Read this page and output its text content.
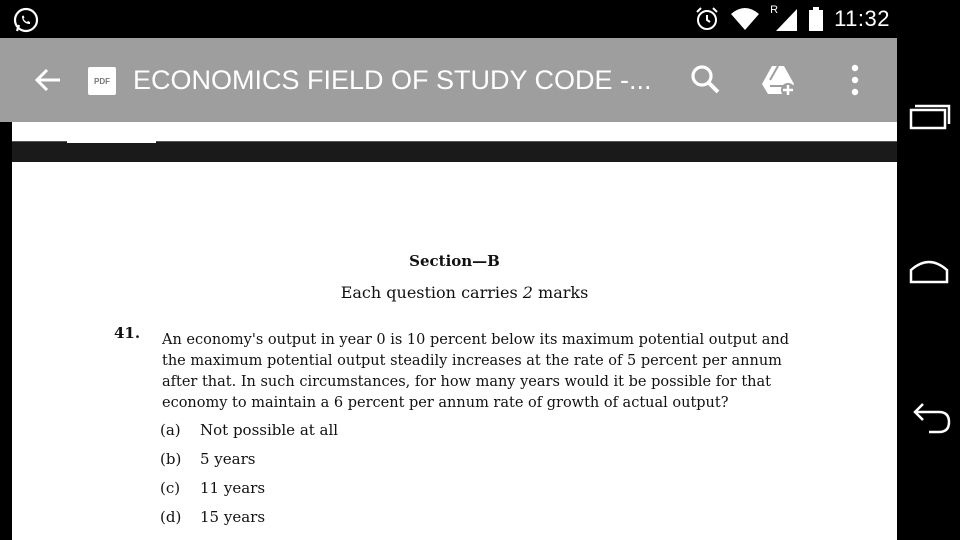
R	11:32
PDF ECONOMICS FIELD OF STUDY CODE -...
Section—B
Each question carries 2 marks
41. An economy's output in year 0 is 10 percent below its maximum potential output and

the maximum potential output steadily increases at the rate of 5 percent per annum

after that. In such circumstances, for how many years would it be possible for that

economy to maintain a 6 percent per annum rate of growth of actual output?

(a) Not possible at all
(b) 5 years
(c) 11 years
(d) 15 years
